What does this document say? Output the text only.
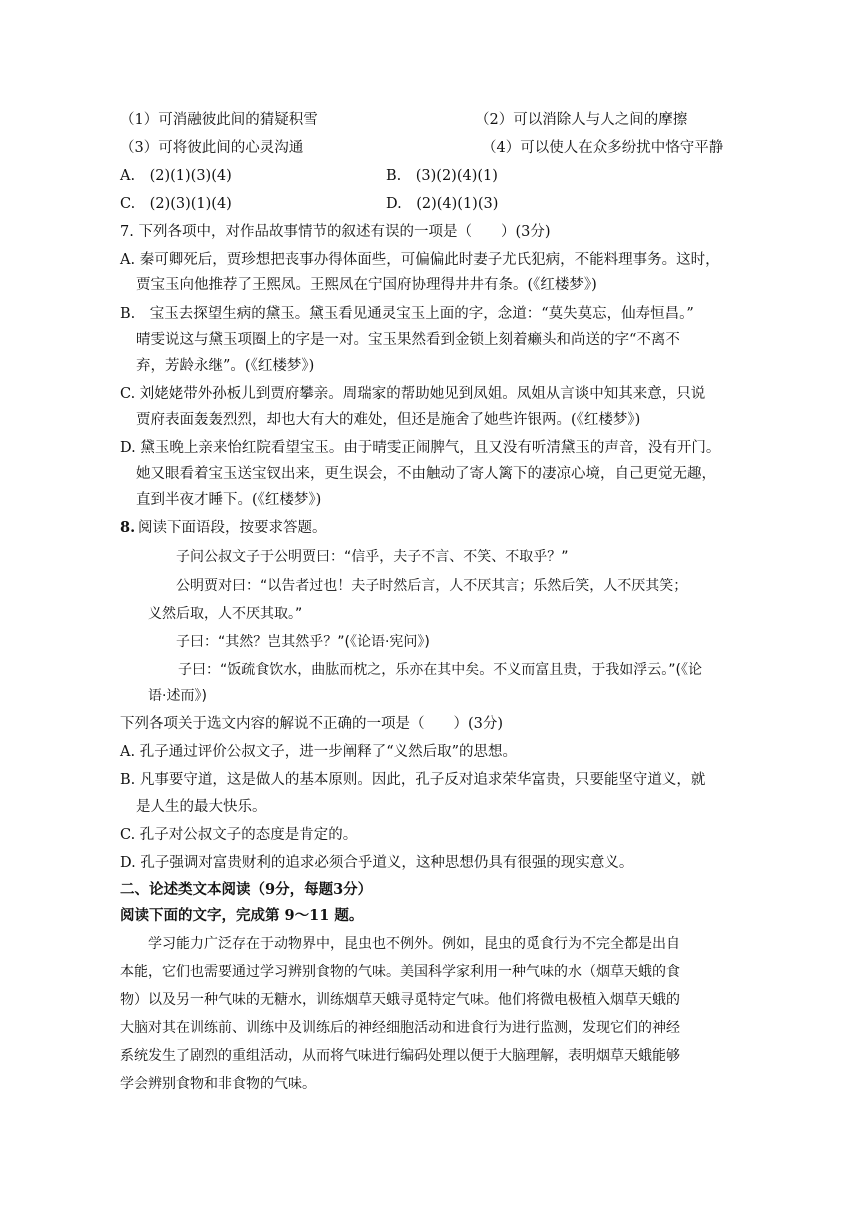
（1）可消融彼此间的猜疑积雪	（2）可以消除人与人之间的摩擦
（3）可将彼此间的心灵沟通	（4）可以使人在众多纷扰中恪守平静
A.　(2)(1)(3)(4)	B.　(3)(2)(4)(1)
C.　(2)(3)(1)(4)	D.　(2)(4)(1)(3)
7. 下列各项中，对作品故事情节的叙述有误的一项是（　　）(3分)
A. 秦可卿死后，贾珍想把丧事办得体面些，可偏偏此时妻子尤氏犯病，不能料理事务。这时，
贾宝玉向他推荐了王熙凤。王熙凤在宁国府协理得井井有条。(《红楼梦》)
B.　宝玉去探望生病的黛玉。黛玉看见通灵宝玉上面的字，念道：“莫失莫忘，仙寿恒昌。”
晴雯说这与黛玉项圈上的字是一对。宝玉果然看到金锁上刻着癞头和尚送的字“不离不
弃，芳龄永继”。(《红楼梦》)
C. 刘姥姥带外孙板儿到贾府攀亲。周瑞家的帮助她见到凤姐。凤姐从言谈中知其来意，只说
贾府表面轰轰烈烈，却也大有大的难处，但还是施舍了她些许银两。(《红楼梦》)
D. 黛玉晚上亲来怡红院看望宝玉。由于晴雯正闹脾气，且又没有听清黛玉的声音，没有开门。
她又眼看着宝玉送宝钗出来，更生误会，不由触动了寄人篱下的凄凉心境，自己更觉无趣，
直到半夜才睡下。(《红楼梦》)
8. 阅读下面语段，按要求答题。
子问公叔文子于公明贾曰：“信乎，夫子不言、不笑、不取乎？”
公明贾对曰：“以告者过也！夫子时然后言，人不厌其言；乐然后笑，人不厌其笑；
义然后取，人不厌其取。”
子曰：“其然？岂其然乎？”(《论语·宪问》)
子曰：“饭疏食饮水，曲肱而枕之，乐亦在其中矣。不义而富且贵，于我如浮云。”(《论
语·述而》)
下列各项关于选文内容的解说不正确的一项是（　　）(3分)
A. 孔子通过评价公叔文子，进一步阐释了“义然后取”的思想。
B. 凡事要守道，这是做人的基本原则。因此，孔子反对追求荣华富贵，只要能坚守道义，就
是人生的最大快乐。
C. 孔子对公叔文子的态度是肯定的。
D. 孔子强调对富贵财利的追求必须合乎道义，这种思想仍具有很强的现实意义。
二、论述类文本阅读（9分，每题3分）
阅读下面的文字，完成第 9～11 题。
学习能力广泛存在于动物界中，昆虫也不例外。例如，昆虫的觅食行为不完全都是出自
本能，它们也需要通过学习辨别食物的气味。美国科学家利用一种气味的水（烟草天蛾的食
物）以及另一种气味的无糖水，训练烟草天蛾寻觅特定气味。他们将微电极植入烟草天蛾的
大脑对其在训练前、训练中及训练后的神经细胞活动和进食行为进行监测，发现它们的神经
系统发生了剧烈的重组活动，从而将气味进行编码处理以便于大脑理解，表明烟草天蛾能够
学会辨别食物和非食物的气味。
